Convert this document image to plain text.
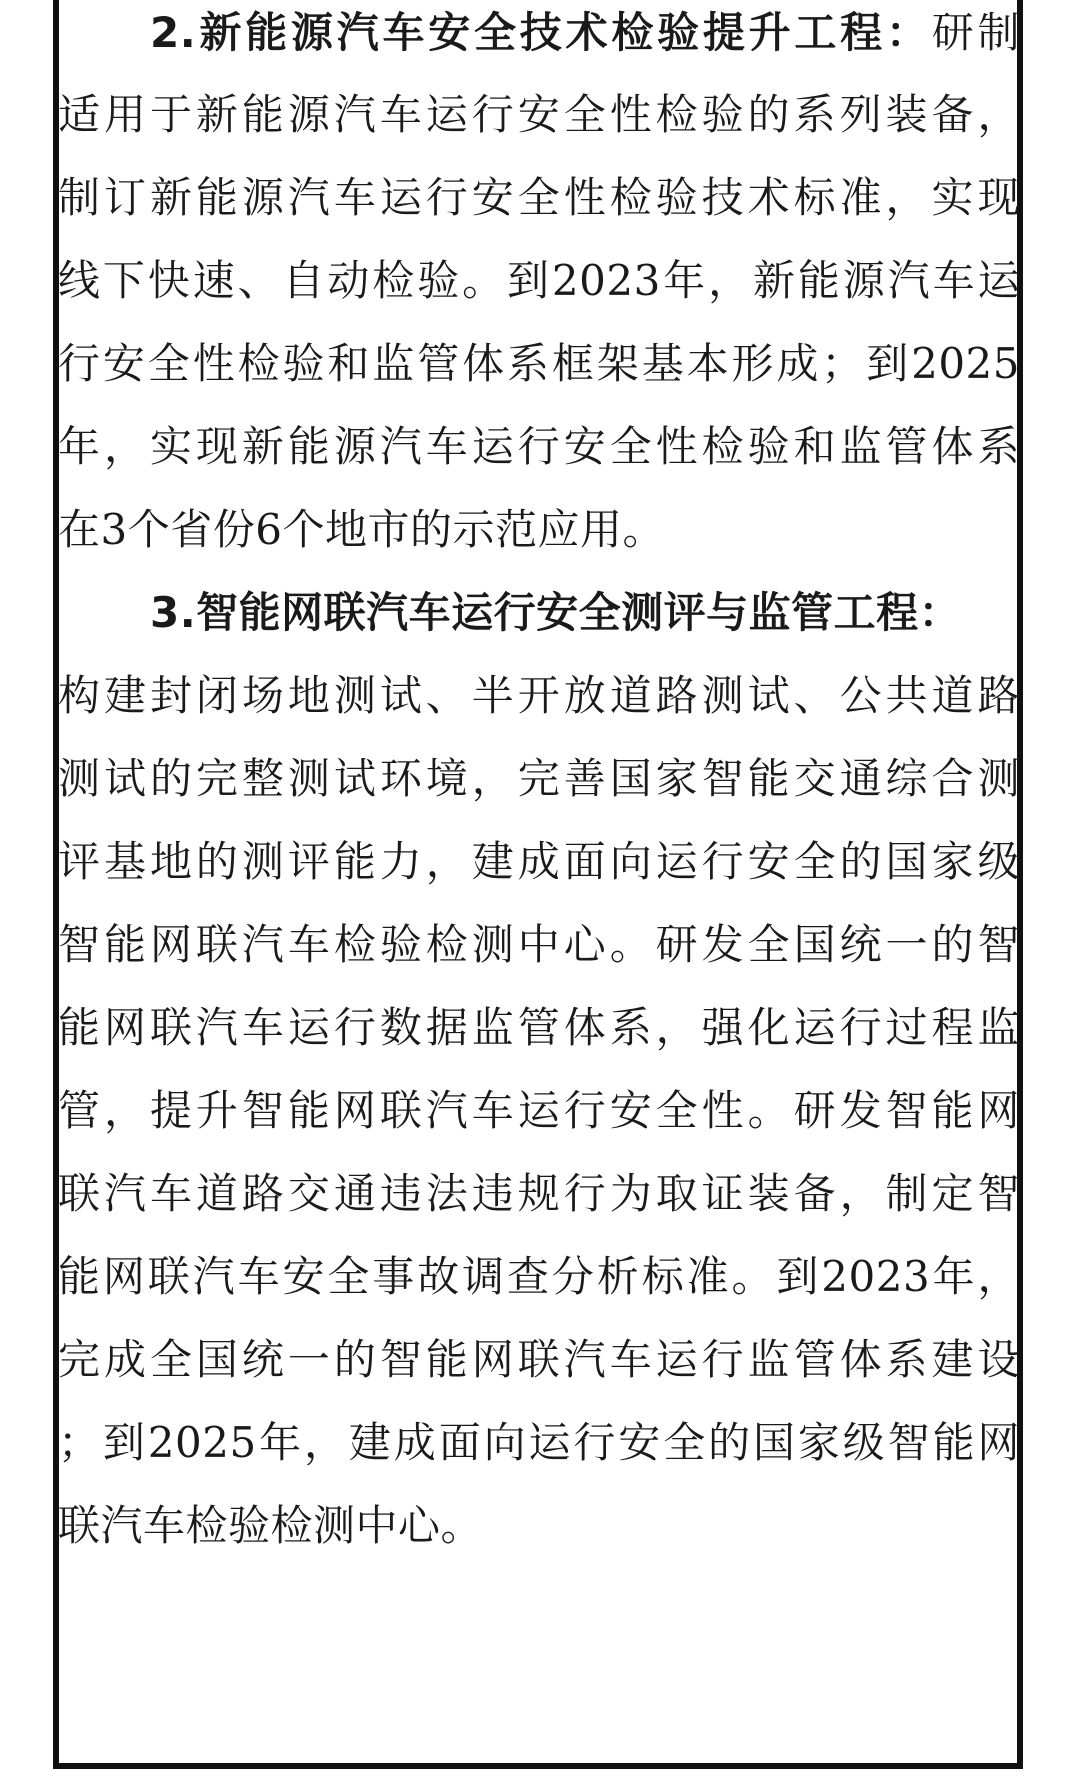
2.新能源汽车安全技术检验提升工程：研制
适用于新能源汽车运行安全性检验的系列装备，
制订新能源汽车运行安全性检验技术标准，实现
线下快速、自动检验。到2023年，新能源汽车运
行安全性检验和监管体系框架基本形成；到2025
年，实现新能源汽车运行安全性检验和监管体系
在3个省份6个地市的示范应用。
3.智能网联汽车运行安全测评与监管工程：
构建封闭场地测试、半开放道路测试、公共道路
测试的完整测试环境，完善国家智能交通综合测
评基地的测评能力，建成面向运行安全的国家级
智能网联汽车检验检测中心。研发全国统一的智
能网联汽车运行数据监管体系，强化运行过程监
管，提升智能网联汽车运行安全性。研发智能网
联汽车道路交通违法违规行为取证装备，制定智
能网联汽车安全事故调查分析标准。到2023年，
完成全国统一的智能网联汽车运行监管体系建设
；到2025年，建成面向运行安全的国家级智能网
联汽车检验检测中心。
